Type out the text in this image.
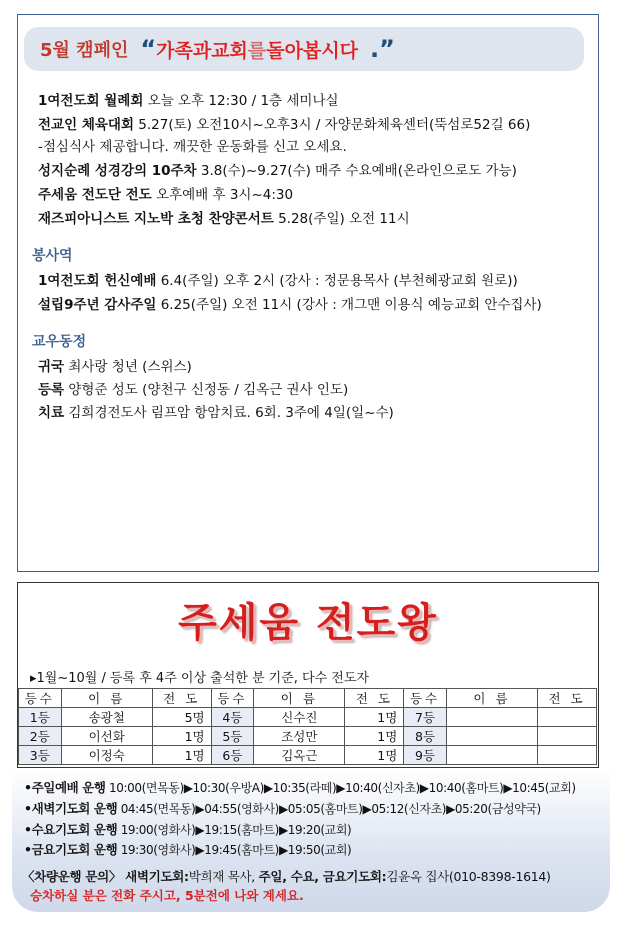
5월 캠페인 “ 가족과 교회 를 돌아봅시다 .”
1여전도회 월례회 오늘 오후 12:30 / 1층 세미나실
전교인 체육대회 5.27(토) 오전10시~오후3시 / 자양문화체육센터(뚝섬로52길 66)
-점심식사 제공합니다. 깨끗한 운동화를 신고 오세요.
성지순례 성경강의 10주차 3.8(수)~9.27(수) 매주 수요예배(온라인으로도 가능)
주세움 전도단 전도 오후예배 후 3시~4:30
재즈피아니스트 지노박 초청 찬양콘서트 5.28(주일) 오전 11시
봉사역
1여전도회 헌신예배 6.4(주일) 오후 2시 (강사 : 정문용목사 (부천혜광교회 원로))
설립9주년 감사주일 6.25(주일) 오전 11시 (강사 : 개그맨 이용식 예능교회 안수집사)
교우동정
귀국 최사랑 청년 (스위스)
등록 양형준 성도 (양천구 신정동 / 김옥근 권사 인도)
치료 김희경전도사 림프암 항암치료. 6회. 3주에 4일(일~수)
주세움 전도왕
▸1월~10월 / 등록 후 4주 이상 출석한 분 기준, 다수 전도자
등수	이 름	전 도	등수	이 름	전 도	등수	이 름	전 도
1등	송광철	5명	4등	신수진	1명	7등		
2등	이선화	1명	5등	조성만	1명	8등		
3등	이정숙	1명	6등	김옥근	1명	9등		
•주일예배 운행 10:00(면목동)▶10:30(우방A)▶10:35(라떼)▶10:40(신자초)▶10:40(홈마트)▶10:45(교회)
•새벽기도회 운행 04:45(면목동)▶04:55(영화사)▶05:05(홈마트)▶05:12(신자초)▶05:20(금성약국)
•수요기도회 운행 19:00(영화사)▶19:15(홈마트)▶19:20(교회)
•금요기도회 운행 19:30(영화사)▶19:45(홈마트)▶19:50(교회)
〈차량운행 문의〉 새벽기도회:박희재 목사, 주일, 수요, 금요기도회:김윤옥 집사(010-8398-1614)
승차하실 분은 전화 주시고, 5분전에 나와 계세요.
